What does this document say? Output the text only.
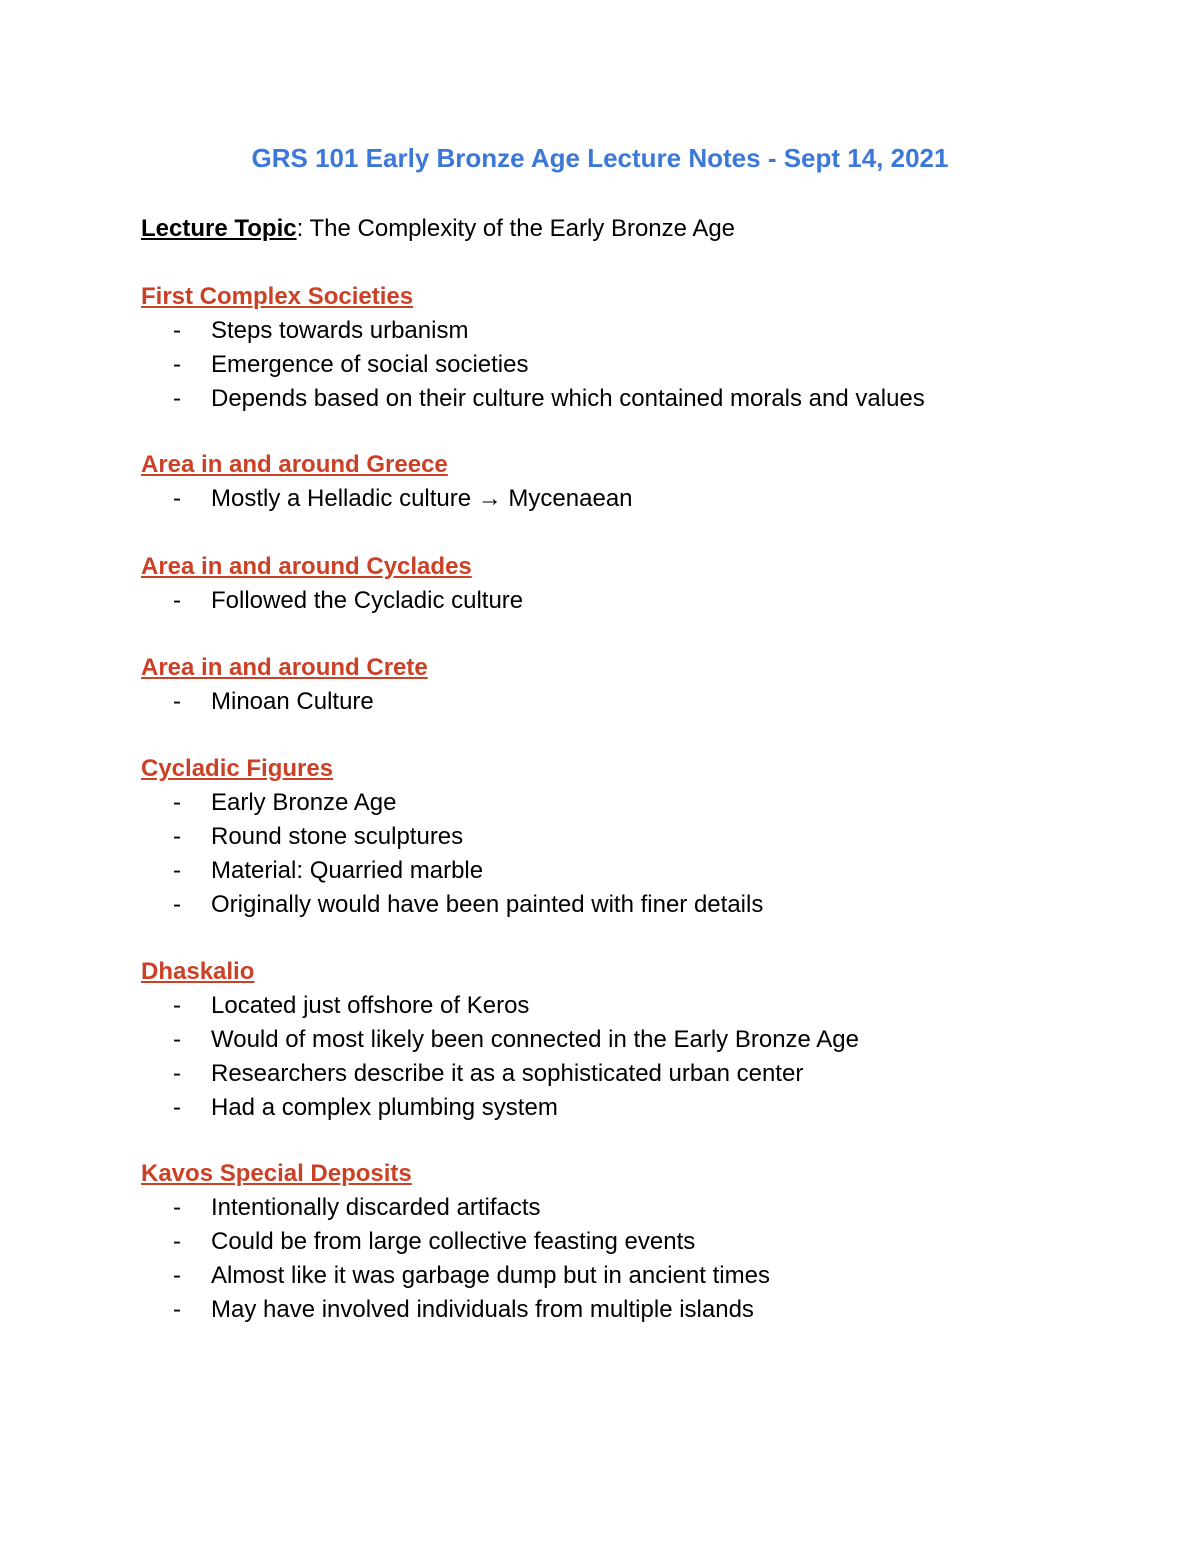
GRS 101 Early Bronze Age Lecture Notes - Sept 14, 2021
Lecture Topic: The Complexity of the Early Bronze Age
First Complex Societies
- Steps towards urbanism
- Emergence of social societies
- Depends based on their culture which contained morals and values
Area in and around Greece
- Mostly a Helladic culture → Mycenaean
Area in and around Cyclades
- Followed the Cycladic culture
Area in and around Crete
- Minoan Culture
Cycladic Figures
- Early Bronze Age
- Round stone sculptures
- Material: Quarried marble
- Originally would have been painted with finer details
Dhaskalio
- Located just offshore of Keros
- Would of most likely been connected in the Early Bronze Age
- Researchers describe it as a sophisticated urban center
- Had a complex plumbing system
Kavos Special Deposits
- Intentionally discarded artifacts
- Could be from large collective feasting events
- Almost like it was garbage dump but in ancient times
- May have involved individuals from multiple islands
